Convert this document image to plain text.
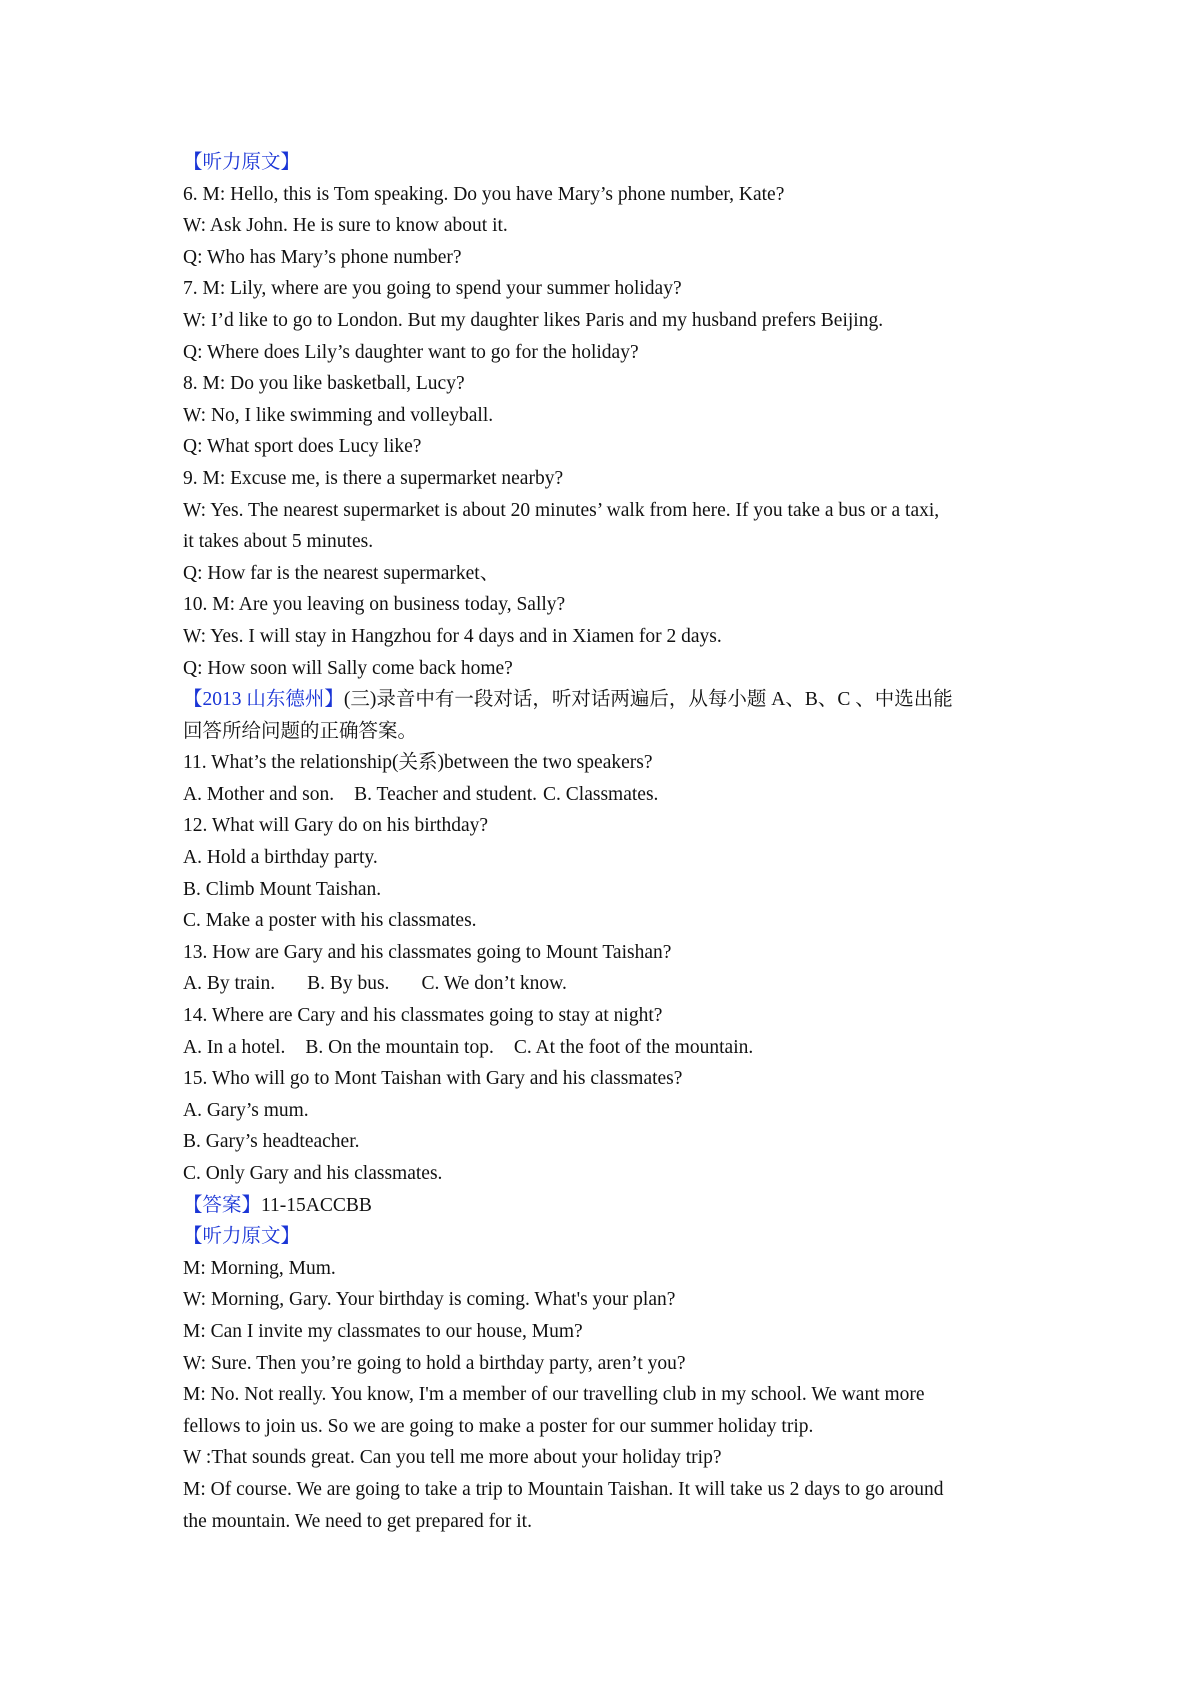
【听力原文】
6. M: Hello, this is Tom speaking. Do you have Mary’s phone number, Kate?
W: Ask John. He is sure to know about it.
Q: Who has Mary’s phone number?
7. M: Lily, where are you going to spend your summer holiday?
W: I’d like to go to London. But my daughter likes Paris and my husband prefers Beijing.
Q: Where does Lily’s daughter want to go for the holiday?
8. M: Do you like basketball, Lucy?
W: No, I like swimming and volleyball.
Q: What sport does Lucy like?
9. M: Excuse me, is there a supermarket nearby?
W: Yes. The nearest supermarket is about 20 minutes’ walk from here. If you take a bus or a taxi,
it takes about 5 minutes.
Q: How far is the nearest supermarket、
10. M: Are you leaving on business today, Sally?
W: Yes. I will stay in Hangzhou for 4 days and in Xiamen for 2 days.
Q: How soon will Sally come back home?
【2013 山东德州】(三)录音中有一段对话，听对话两遍后，从每小题 A、B、C 、中选出能
回答所给问题的正确答案。
11. What’s the relationship(关系)between the two speakers?
A. Mother and son. B. Teacher and student. C. Classmates.
12. What will Gary do on his birthday?
A. Hold a birthday party.
B. Climb Mount Taishan.
C. Make a poster with his classmates.
13. How are Gary and his classmates going to Mount Taishan?
A. By train. B. By bus. C. We don’t know.
14. Where are Cary and his classmates going to stay at night?
A. In a hotel. B. On the mountain top. C. At the foot of the mountain.
15. Who will go to Mont Taishan with Gary and his classmates?
A. Gary’s mum.
B. Gary’s headteacher.
C. Only Gary and his classmates.
【答案】11-15ACCBB
【听力原文】
M: Morning, Mum.
W: Morning, Gary. Your birthday is coming. What's your plan?
M: Can I invite my classmates to our house, Mum?
W: Sure. Then you’re going to hold a birthday party, aren’t you?
M: No. Not really. You know, I'm a member of our travelling club in my school. We want more
fellows to join us. So we are going to make a poster for our summer holiday trip.
W :That sounds great. Can you tell me more about your holiday trip?
M: Of course. We are going to take a trip to Mountain Taishan. It will take us 2 days to go around
the mountain. We need to get prepared for it.
